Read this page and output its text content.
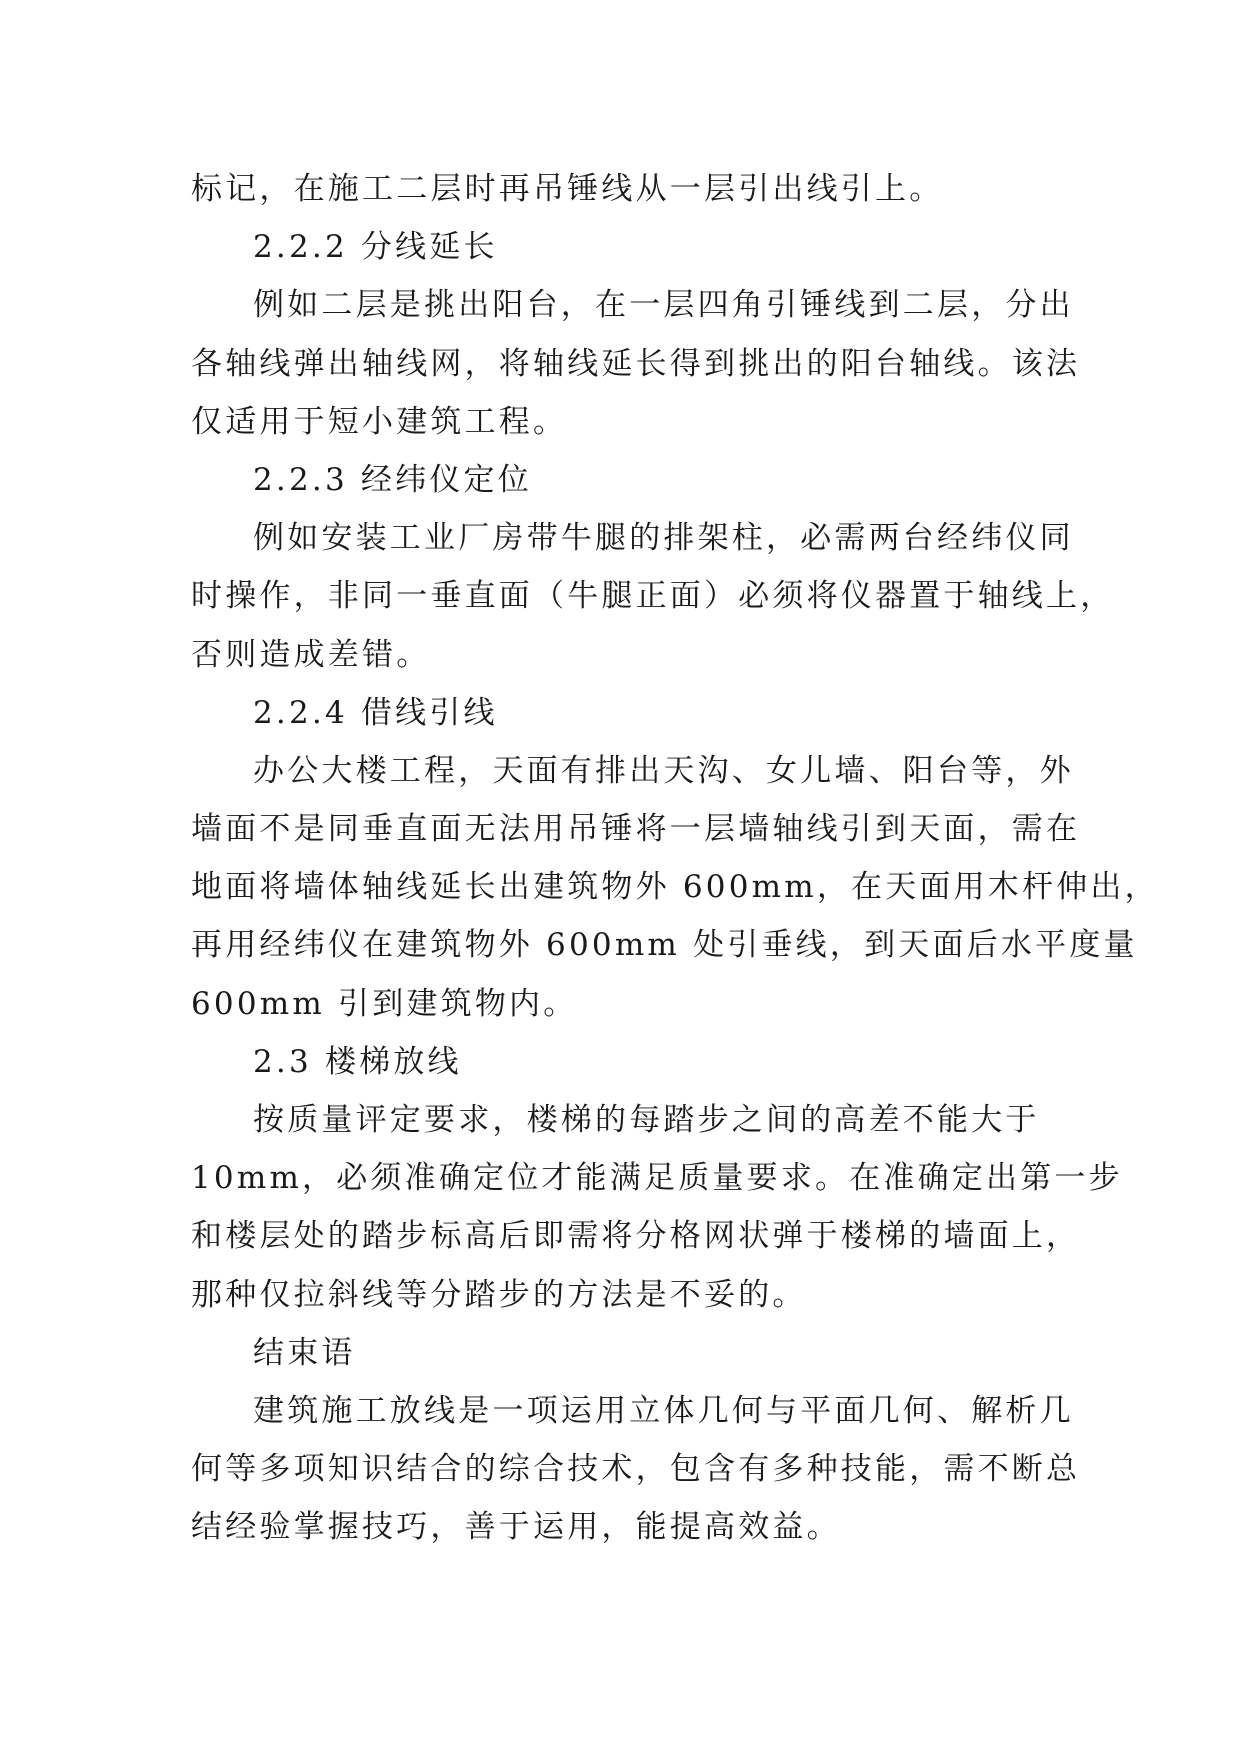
标记，在施工二层时再吊锤线从一层引出线引上。
2.2.2 分线延长
例如二层是挑出阳台，在一层四角引锤线到二层，分出
各轴线弹出轴线网，将轴线延长得到挑出的阳台轴线。该法
仅适用于短小建筑工程。
2.2.3 经纬仪定位
例如安装工业厂房带牛腿的排架柱，必需两台经纬仪同
时操作，非同一垂直面（牛腿正面）必须将仪器置于轴线上，
否则造成差错。
2.2.4 借线引线
办公大楼工程，天面有排出天沟、女儿墙、阳台等，外
墙面不是同垂直面无法用吊锤将一层墙轴线引到天面，需在
地面将墙体轴线延长出建筑物外 600mm，在天面用木杆伸出，
再用经纬仪在建筑物外 600mm 处引垂线，到天面后水平度量
600mm 引到建筑物内。
2.3 楼梯放线
按质量评定要求，楼梯的每踏步之间的高差不能大于
10mm，必须准确定位才能满足质量要求。在准确定出第一步
和楼层处的踏步标高后即需将分格网状弹于楼梯的墙面上，
那种仅拉斜线等分踏步的方法是不妥的。
结束语
建筑施工放线是一项运用立体几何与平面几何、解析几
何等多项知识结合的综合技术，包含有多种技能，需不断总
结经验掌握技巧，善于运用，能提高效益。
